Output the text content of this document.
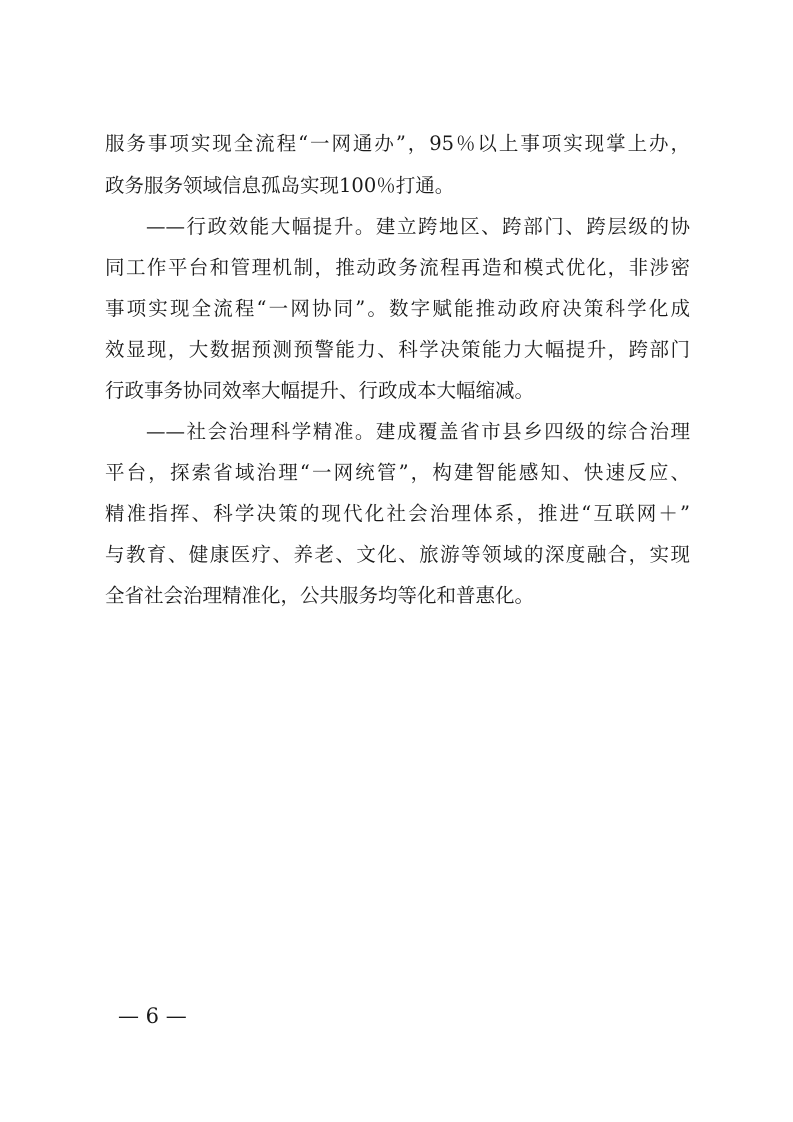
服务事项实现全流程“一网通办”，95％以上事项实现掌上办，
政务服务领域信息孤岛实现100％打通。
——行政效能大幅提升。建立跨地区、跨部门、跨层级的协
同工作平台和管理机制，推动政务流程再造和模式优化，非涉密
事项实现全流程“一网协同”。数字赋能推动政府决策科学化成
效显现，大数据预测预警能力、科学决策能力大幅提升，跨部门
行政事务协同效率大幅提升、行政成本大幅缩减。
——社会治理科学精准。建成覆盖省市县乡四级的综合治理
平台，探索省域治理“一网统管”，构建智能感知、快速反应、
精准指挥、科学决策的现代化社会治理体系，推进“互联网＋”
与教育、健康医疗、养老、文化、旅游等领域的深度融合，实现
全省社会治理精准化，公共服务均等化和普惠化。
— 6 —
